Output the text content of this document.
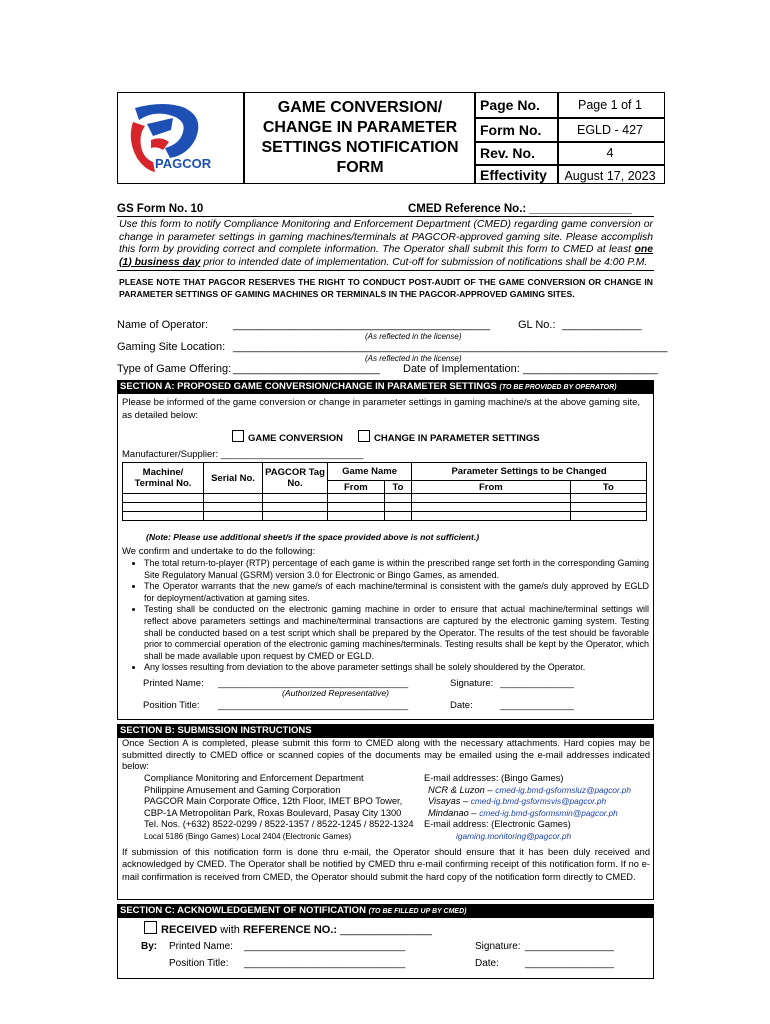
PAGCOR
GAME CONVERSION/
CHANGE IN PARAMETER
SETTINGS NOTIFICATION
FORM
Page No.	Page 1 of 1
Form No.	EGLD - 427
Rev. No.	4
Effectivity	August 17, 2023
GS Form No. 10	CMED Reference No.: ________________
Use this form to notify Compliance Monitoring and Enforcement Department (CMED) regarding game conversion or change in parameter settings in gaming machines/terminals at PAGCOR-approved gaming site. Please accomplish this form by providing correct and complete information. The Operator shall submit this form to CMED at least one (1) business day prior to intended date of implementation. Cut-off for submission of notifications shall be 4:00 P.M.
PLEASE NOTE THAT PAGCOR RESERVES THE RIGHT TO CONDUCT POST-AUDIT OF THE GAME CONVERSION OR CHANGE IN PARAMETER SETTINGS OF GAMING MACHINES OR TERMINALS IN THE PAGCOR-APPROVED GAMING SITES.
Name of Operator: __________________________________________	GL No.: _____________
(As reflected in the license)
Gaming Site Location: _______________________________________________________________________
(As reflected in the license)
Type of Game Offering: ________________________ Date of Implementation: ______________________
SECTION A: PROPOSED GAME CONVERSION/CHANGE IN PARAMETER SETTINGS (TO BE PROVIDED BY OPERATOR)
Please be informed of the game conversion or change in parameter settings in gaming machine/s at the above gaming site, as detailed below:
GAME CONVERSION	CHANGE IN PARAMETER SETTINGS
Manufacturer/Supplier: ___________________________
Machine/ Terminal No.	Serial No.	PAGCOR Tag No.	Game Name		Parameter Settings to be Changed	
			From	To	From	To

(Note: Please use additional sheet/s if the space provided above is not sufficient.)
We confirm and undertake to do the following:
• The total return-to-player (RTP) percentage of each game is within the prescribed range set forth in the corresponding Gaming Site Regulatory Manual (GSRM) version 3.0 for Electronic or Bingo Games, as amended.
• The Operator warrants that the new game/s of each machine/terminal is consistent with the game/s duly approved by EGLD for deployment/activation at gaming sites.
• Testing shall be conducted on the electronic gaming machine in order to ensure that actual machine/terminal settings will reflect above parameters settings and machine/terminal transactions are captured by the electronic gaming system. Testing shall be conducted based on a test script which shall be prepared by the Operator. The results of the test should be favorable prior to commercial operation of the electronic gaming machines/terminals. Testing results shall be kept by the Operator, which shall be made available upon request by CMED or EGLD.
• Any losses resulting from deviation to the above parameter settings shall be solely shouldered by the Operator.
Printed Name: ____________________________________
(Authorized Representative)
Signature: ______________
Position Title: ____________________________________	Date:	______________
SECTION B: SUBMISSION INSTRUCTIONS
Once Section A is completed, please submit this form to CMED along with the necessary attachments. Hard copies may be submitted directly to CMED office or scanned copies of the documents may be emailed using the e-mail addresses indicated below:
Compliance Monitoring and Enforcement Department
Philippine Amusement and Gaming Corporation
PAGCOR Main Corporate Office, 12th Floor, IMET BPO Tower,
CBP-1A Metropolitan Park, Roxas Boulevard, Pasay City 1300
Tel. Nos. (+632) 8522-0299 / 8522-1357 / 8522-1245 / 8522-1324
Local 5186 (Bingo Games) Local 2404 (Electronic Games)
E-mail addresses: (Bingo Games)
NCR & Luzon – cmed-ig.bmd-gsformsluz@pagcor.ph
Visayas – cmed-ig.bmd-gsformsvis@pagcor.ph
Mindanao – cmed-ig.bmd-gsformsmin@pagcor.ph
E-mail address: (Electronic Games)
igaming.monitoring@pagcor.ph
If submission of this notification form is done thru e-mail, the Operator should ensure that it has been duly received and acknowledged by CMED. The Operator shall be notified by CMED thru e-mail confirming receipt of this notification form. If no e-mail confirmation is received from CMED, the Operator should submit the hard copy of the notification form directly to CMED.
SECTION C: ACKNOWLEDGEMENT OF NOTIFICATION (TO BE FILLED UP BY CMED)
RECEIVED with REFERENCE NO.: _______________
By: Printed Name: _____________________________	Signature: ________________
Position Title: _____________________________	Date:	________________
